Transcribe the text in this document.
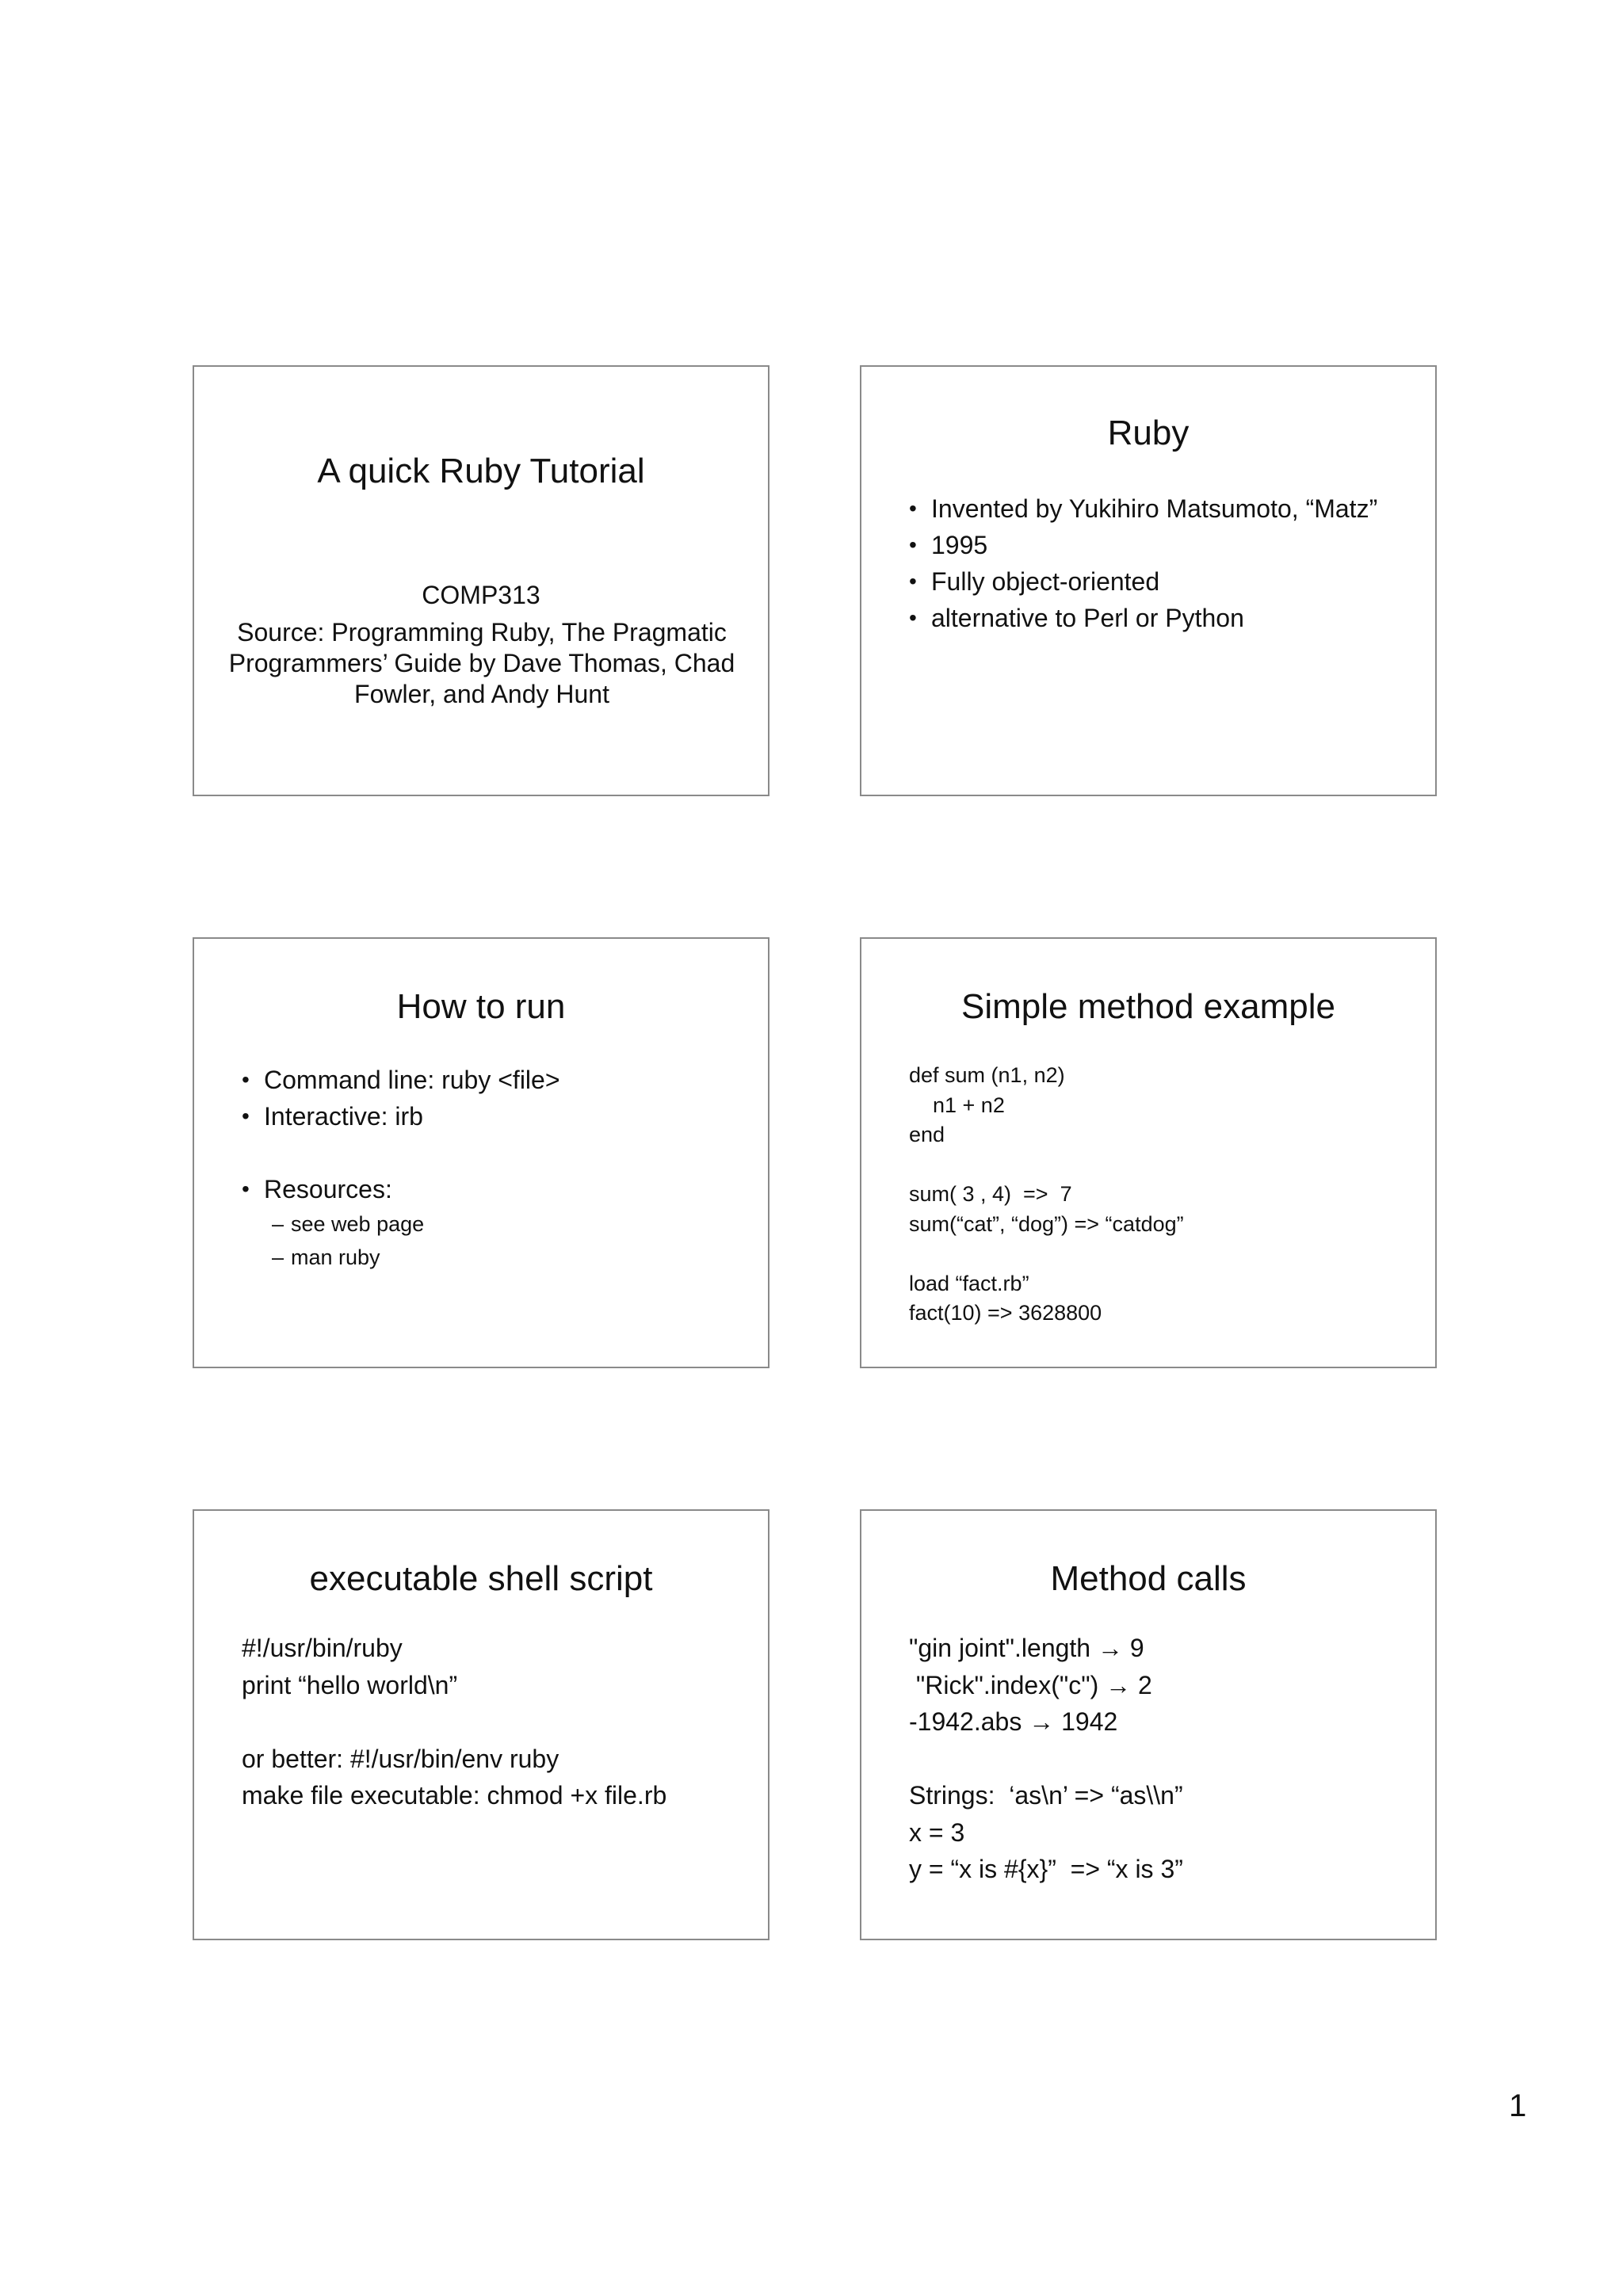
A quick Ruby Tutorial
COMP313
Source: Programming Ruby, The Pragmatic Programmers’ Guide by Dave Thomas, Chad Fowler, and Andy Hunt
Ruby
• Invented by Yukihiro Matsumoto, “Matz”
• 1995
• Fully object-oriented
• alternative to Perl or Python
How to run
• Command line: ruby <file>
• Interactive: irb
• Resources:
– see web page
– man ruby
Simple method example
def sum (n1, n2)
n1 + n2
end
sum( 3 , 4)  =>  7
sum(“cat”, “dog”) => “catdog”
load “fact.rb”
fact(10) => 3628800
executable shell script
#!/usr/bin/ruby
print “hello world\n”
or better: #!/usr/bin/env ruby
make file executable: chmod +x file.rb
Method calls
"gin joint".length → 9
"Rick".index("c") → 2
-1942.abs → 1942
Strings:  ‘as\n’ => “as\\n”
x = 3
y = “x is #{x}”  => “x is 3”
1
